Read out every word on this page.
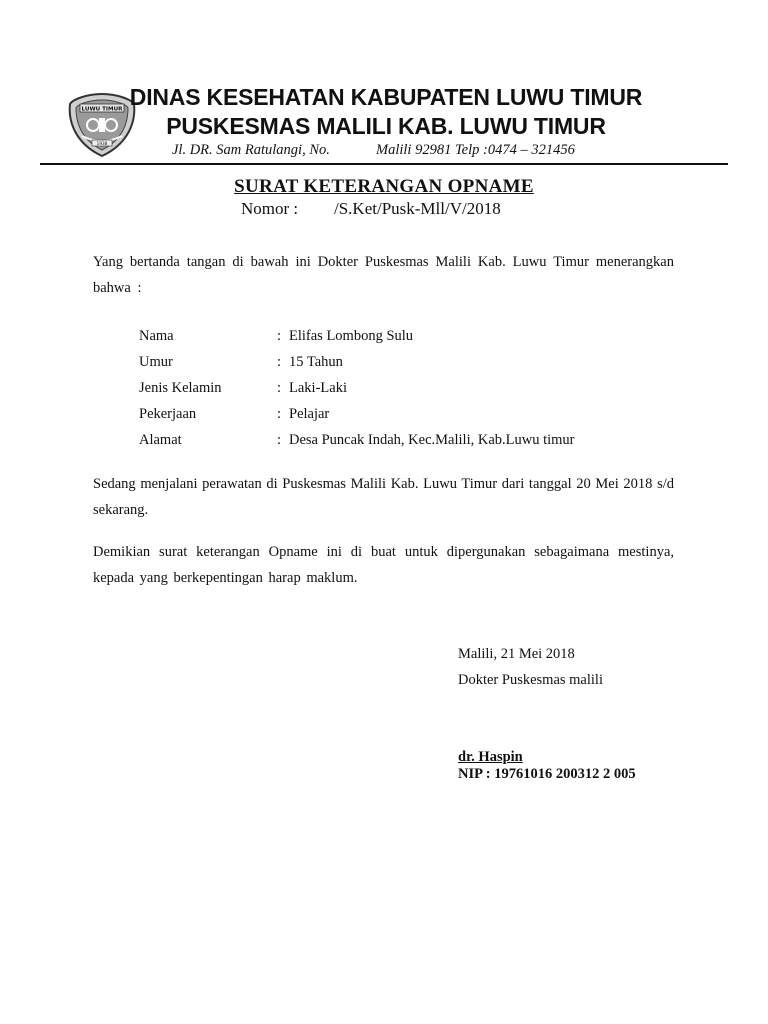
LUWU TIMUR
1938
DINAS KESEHATAN KABUPATEN LUWU TIMUR
PUSKESMAS MALILI KAB. LUWU TIMUR
Jl. DR. Sam Ratulangi, No.	Malili 92981 Telp :0474 – 321456
SURAT KETERANGAN OPNAME
Nomor : /S.Ket/Pusk-Mll/V/2018
Yang bertanda tangan di bawah ini Dokter Puskesmas Malili Kab. Luwu Timur menerangkan bahwa :
Nama	: Elifas Lombong Sulu
Umur	: 15 Tahun
Jenis Kelamin	: Laki-Laki
Pekerjaan	: Pelajar
Alamat	: Desa Puncak Indah, Kec.Malili, Kab.Luwu timur
Sedang menjalani perawatan di Puskesmas Malili Kab. Luwu Timur dari tanggal 20 Mei 2018 s/d sekarang.
Demikian surat keterangan Opname ini di buat untuk dipergunakan sebagaimana mestinya, kepada yang berkepentingan harap maklum.
Malili, 21 Mei 2018
Dokter Puskesmas malili
dr. Haspin
NIP : 19761016 200312 2 005
